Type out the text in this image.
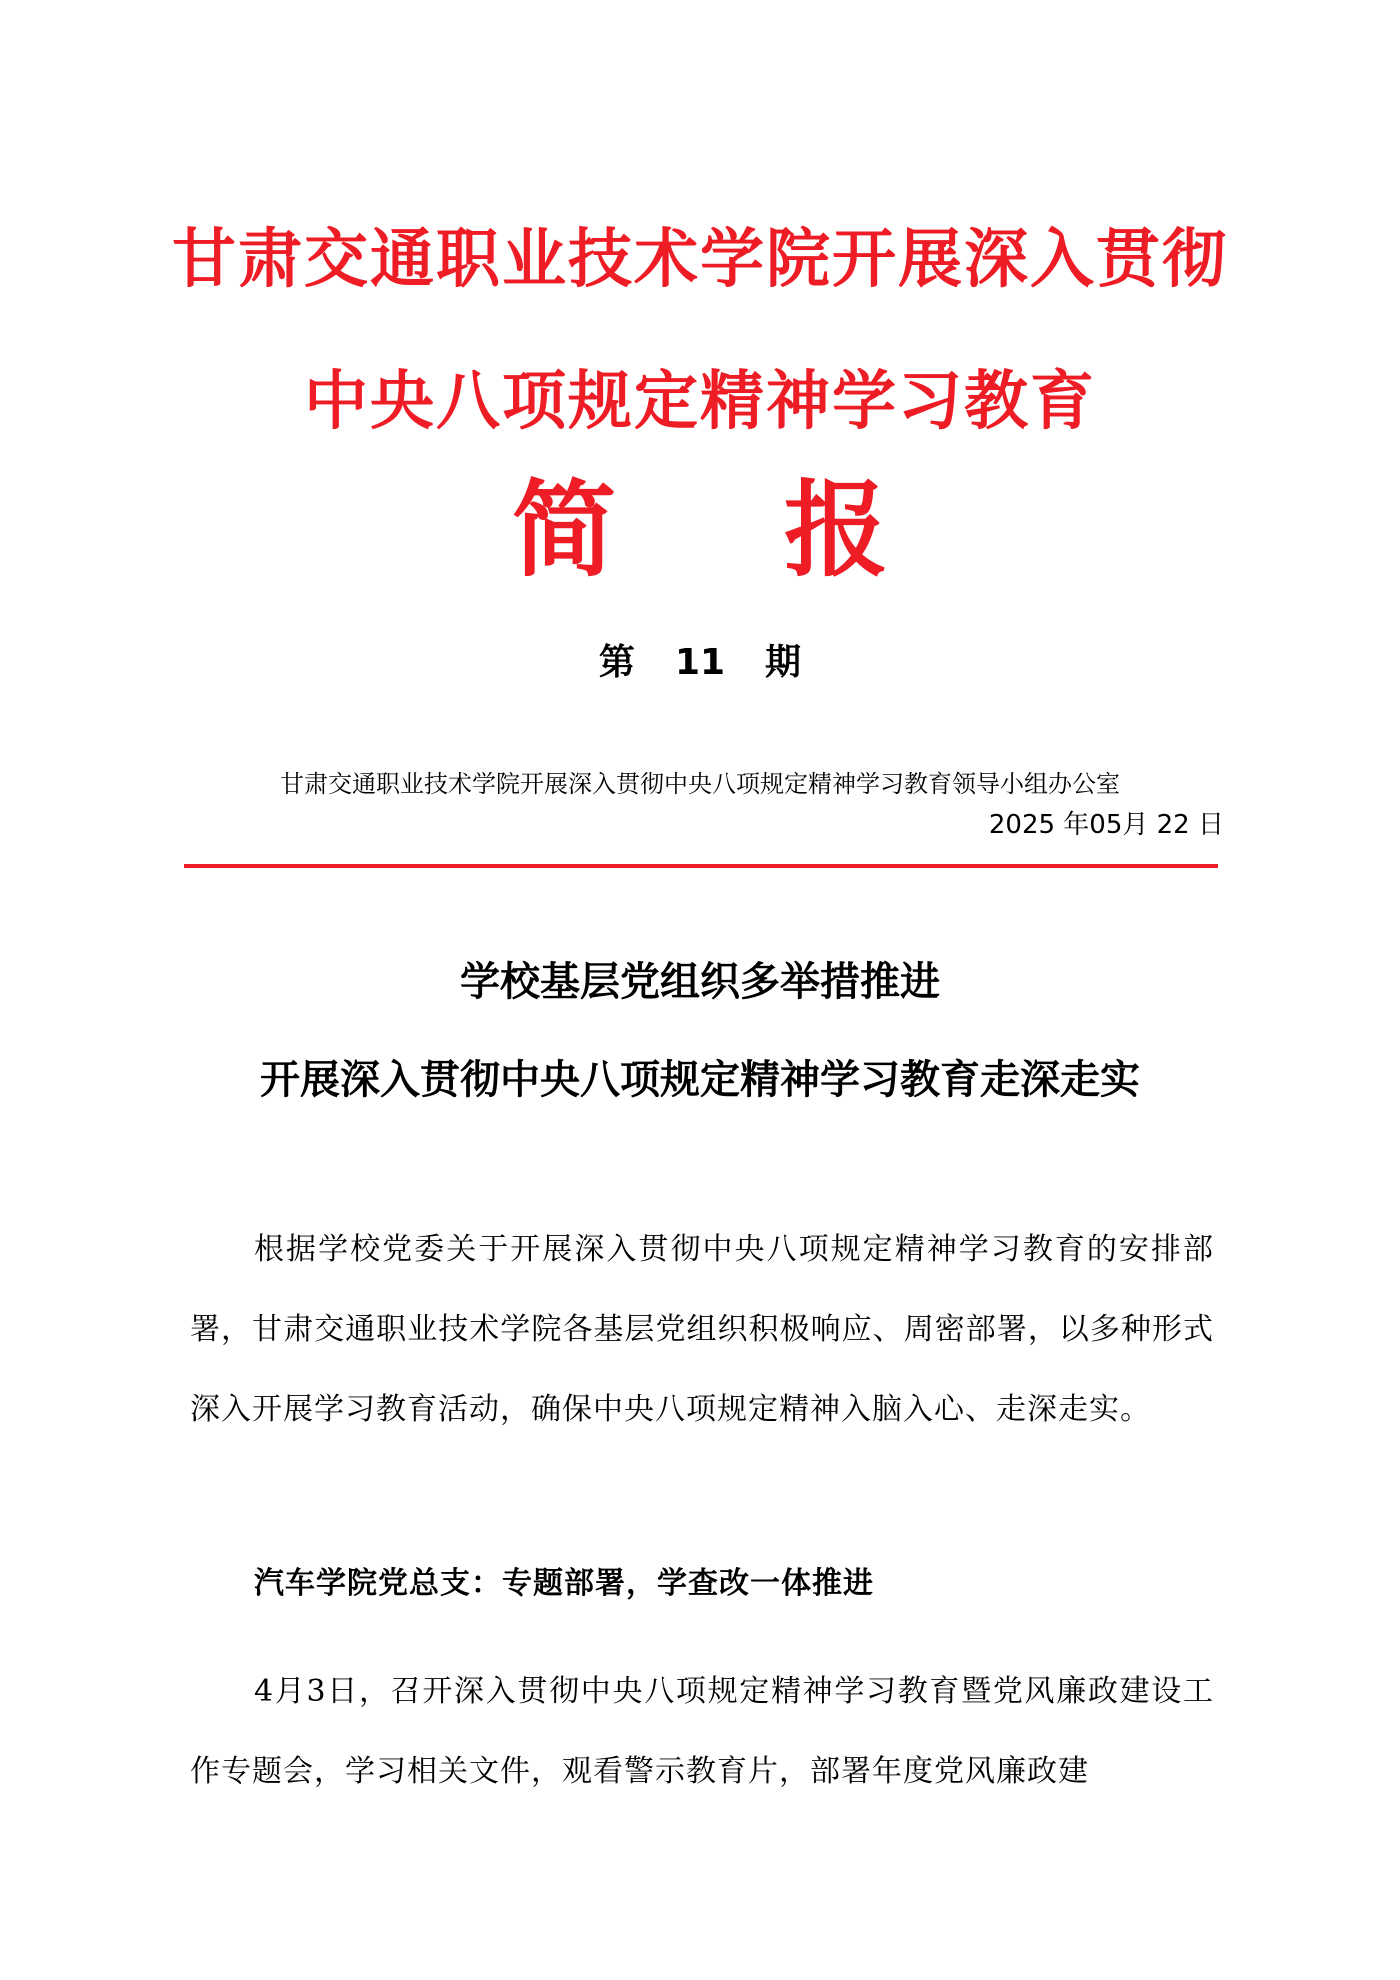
甘肃交通职业技术学院开展深入贯彻
中央八项规定精神学习教育
简 报
第 11 期
甘肃交通职业技术学院开展深入贯彻中央八项规定精神学习教育领导小组办公室
2025 年05月 22 日
学校基层党组织多举措推进
开展深入贯彻中央八项规定精神学习教育走深走实
根据学校党委关于开展深入贯彻中央八项规定精神学习教育的安排部署，甘肃交通职业技术学院各基层党组织积极响应、周密部署，以多种形式深入开展学习教育活动，确保中央八项规定精神入脑入心、走深走实。
汽车学院党总支：专题部署，学查改一体推进
4月3日，召开深入贯彻中央八项规定精神学习教育暨党风廉政建设工作专题会，学习相关文件，观看警示教育片，部署年度党风廉政建
